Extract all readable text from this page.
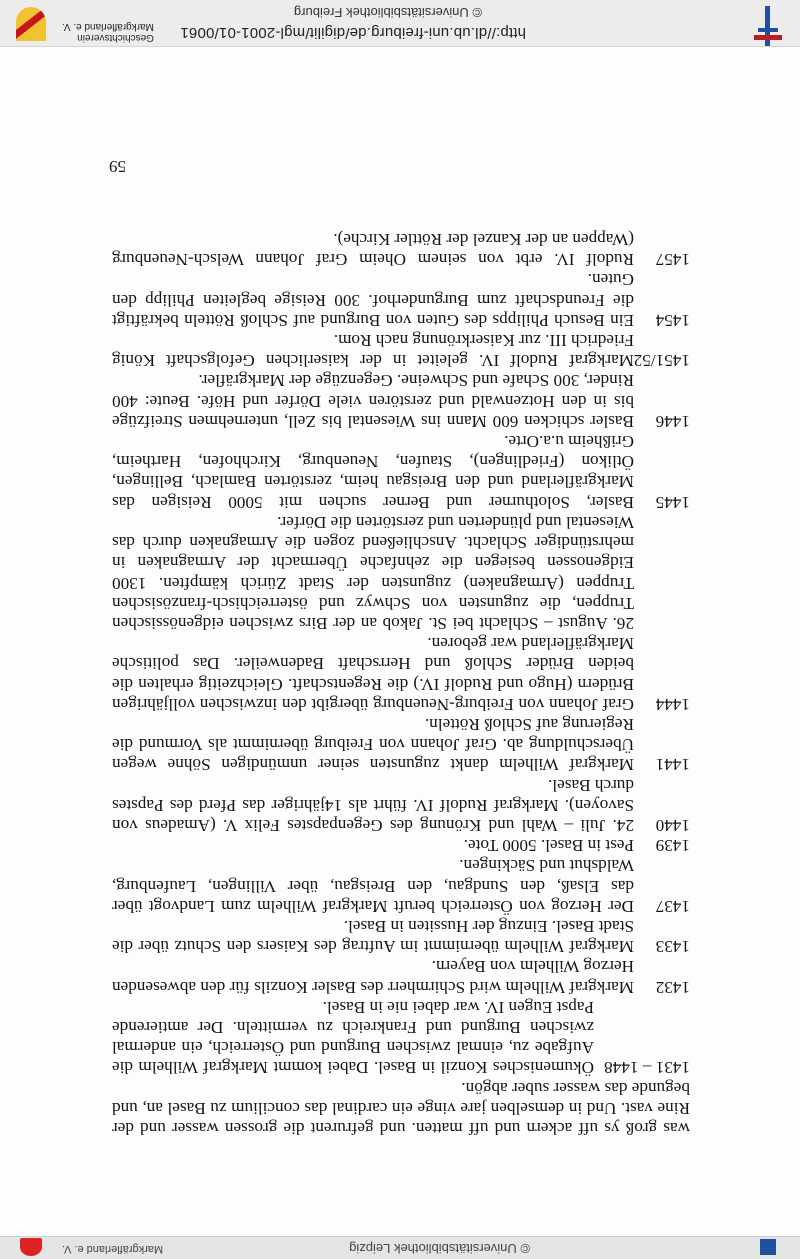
© Universitätsbibliothek Leipzig
Markgräflerland e. V.
was groß ys uff ackern und uff matten. und gefrurent die grossen wasser und der Rine vast. Und in demselben jare vinge ein cardinal das concilium zu Basel an, und begunde das wasser suber abgön.
1431 – 1448
Ökumenisches Konzil in Basel. Dabei kommt Markgraf Wilhelm die Aufgabe zu, einmal zwischen Burgund und Österreich, ein andermal zwischen Burgund und Frankreich zu vermitteln. Der amtierende Papst Eugen IV. war dabei nie in Basel.
1432
Markgraf Wilhelm wird Schirmherr des Basler Konzils für den abwesenden Herzog Wilhelm von Bayern.
1433
Markgraf Wilhelm übernimmt im Auftrag des Kaisers den Schutz über die Stadt Basel. Einzug der Hussiten in Basel.
1437
Der Herzog von Österreich beruft Markgraf Wilhelm zum Landvogt über das Elsaß, den Sundgau, den Breisgau, über Villingen, Laufenburg, Waldshut und Säckingen.
1439
Pest in Basel. 5000 Tote.
1440
24. Juli – Wahl und Krönung des Gegenpapstes Felix V. (Amadeus von Savoyen). Markgraf Rudolf IV. führt als 14jähriger das Pferd des Papstes durch Basel.
1441
Markgraf Wilhelm dankt zugunsten seiner unmündigen Söhne wegen Überschuldung ab. Graf Johann von Freiburg übernimmt als Vormund die Regierung auf Schloß Rötteln.
1444
Graf Johann von Freiburg-Neuenburg übergibt den inzwischen volljährigen Brüdern (Hugo und Rudolf IV.) die Regentschaft. Gleichzeitig erhalten die beiden Brüder Schloß und Herrschaft Badenweiler. Das politische Markgräflerland war geboren.
26. August – Schlacht bei St. Jakob an der Birs zwischen eidgenössischen Truppen, die zugunsten von Schwyz und österreichisch-französischen Truppen (Armagnaken) zugunsten der Stadt Zürich kämpften. 1300 Eidgenossen besiegen die zehnfache Übermacht der Armagnaken in mehrstündiger Schlacht. Anschließend zogen die Armagnaken durch das Wiesental und plünderten und zerstörten die Dörfer.
1445
Basler, Solothurner und Berner suchen mit 5000 Reisigen das Markgräflerland und den Breisgau heim, zerstörten Bamlach, Bellingen, Ötlikon (Friedlingen), Staufen, Neuenburg, Kirchhofen, Hartheim, Grißheim u.a.Orte.
1446
Basler schicken 600 Mann ins Wiesental bis Zell, unternehmen Streifzüge bis in den Hotzenwald und zerstören viele Dörfer und Höfe. Beute: 400 Rinder, 300 Schafe und Schweine. Gegenzüge der Markgräfler.
1451/52
Markgraf Rudolf IV. geleitet in der kaiserlichen Gefolgschaft König Friedrich III. zur Kaiserkrönung nach Rom.
1454
Ein Besuch Philipps des Guten von Burgund auf Schloß Rötteln bekräftigt die Freundschaft zum Burgunderhof. 300 Reisige begleiten Philipp den Guten.
1457
Rudolf IV. erbt von seinem Oheim Graf Johann Welsch-Neuenburg (Wappen an der Kanzel der Röttler Kirche).
59
http://dl.ub.uni-freiburg.de/digilit/mgl-2001-01/0061
© Universitätsbibliothek Freiburg
Geschichtsverein
Markgräflerland e. V.
